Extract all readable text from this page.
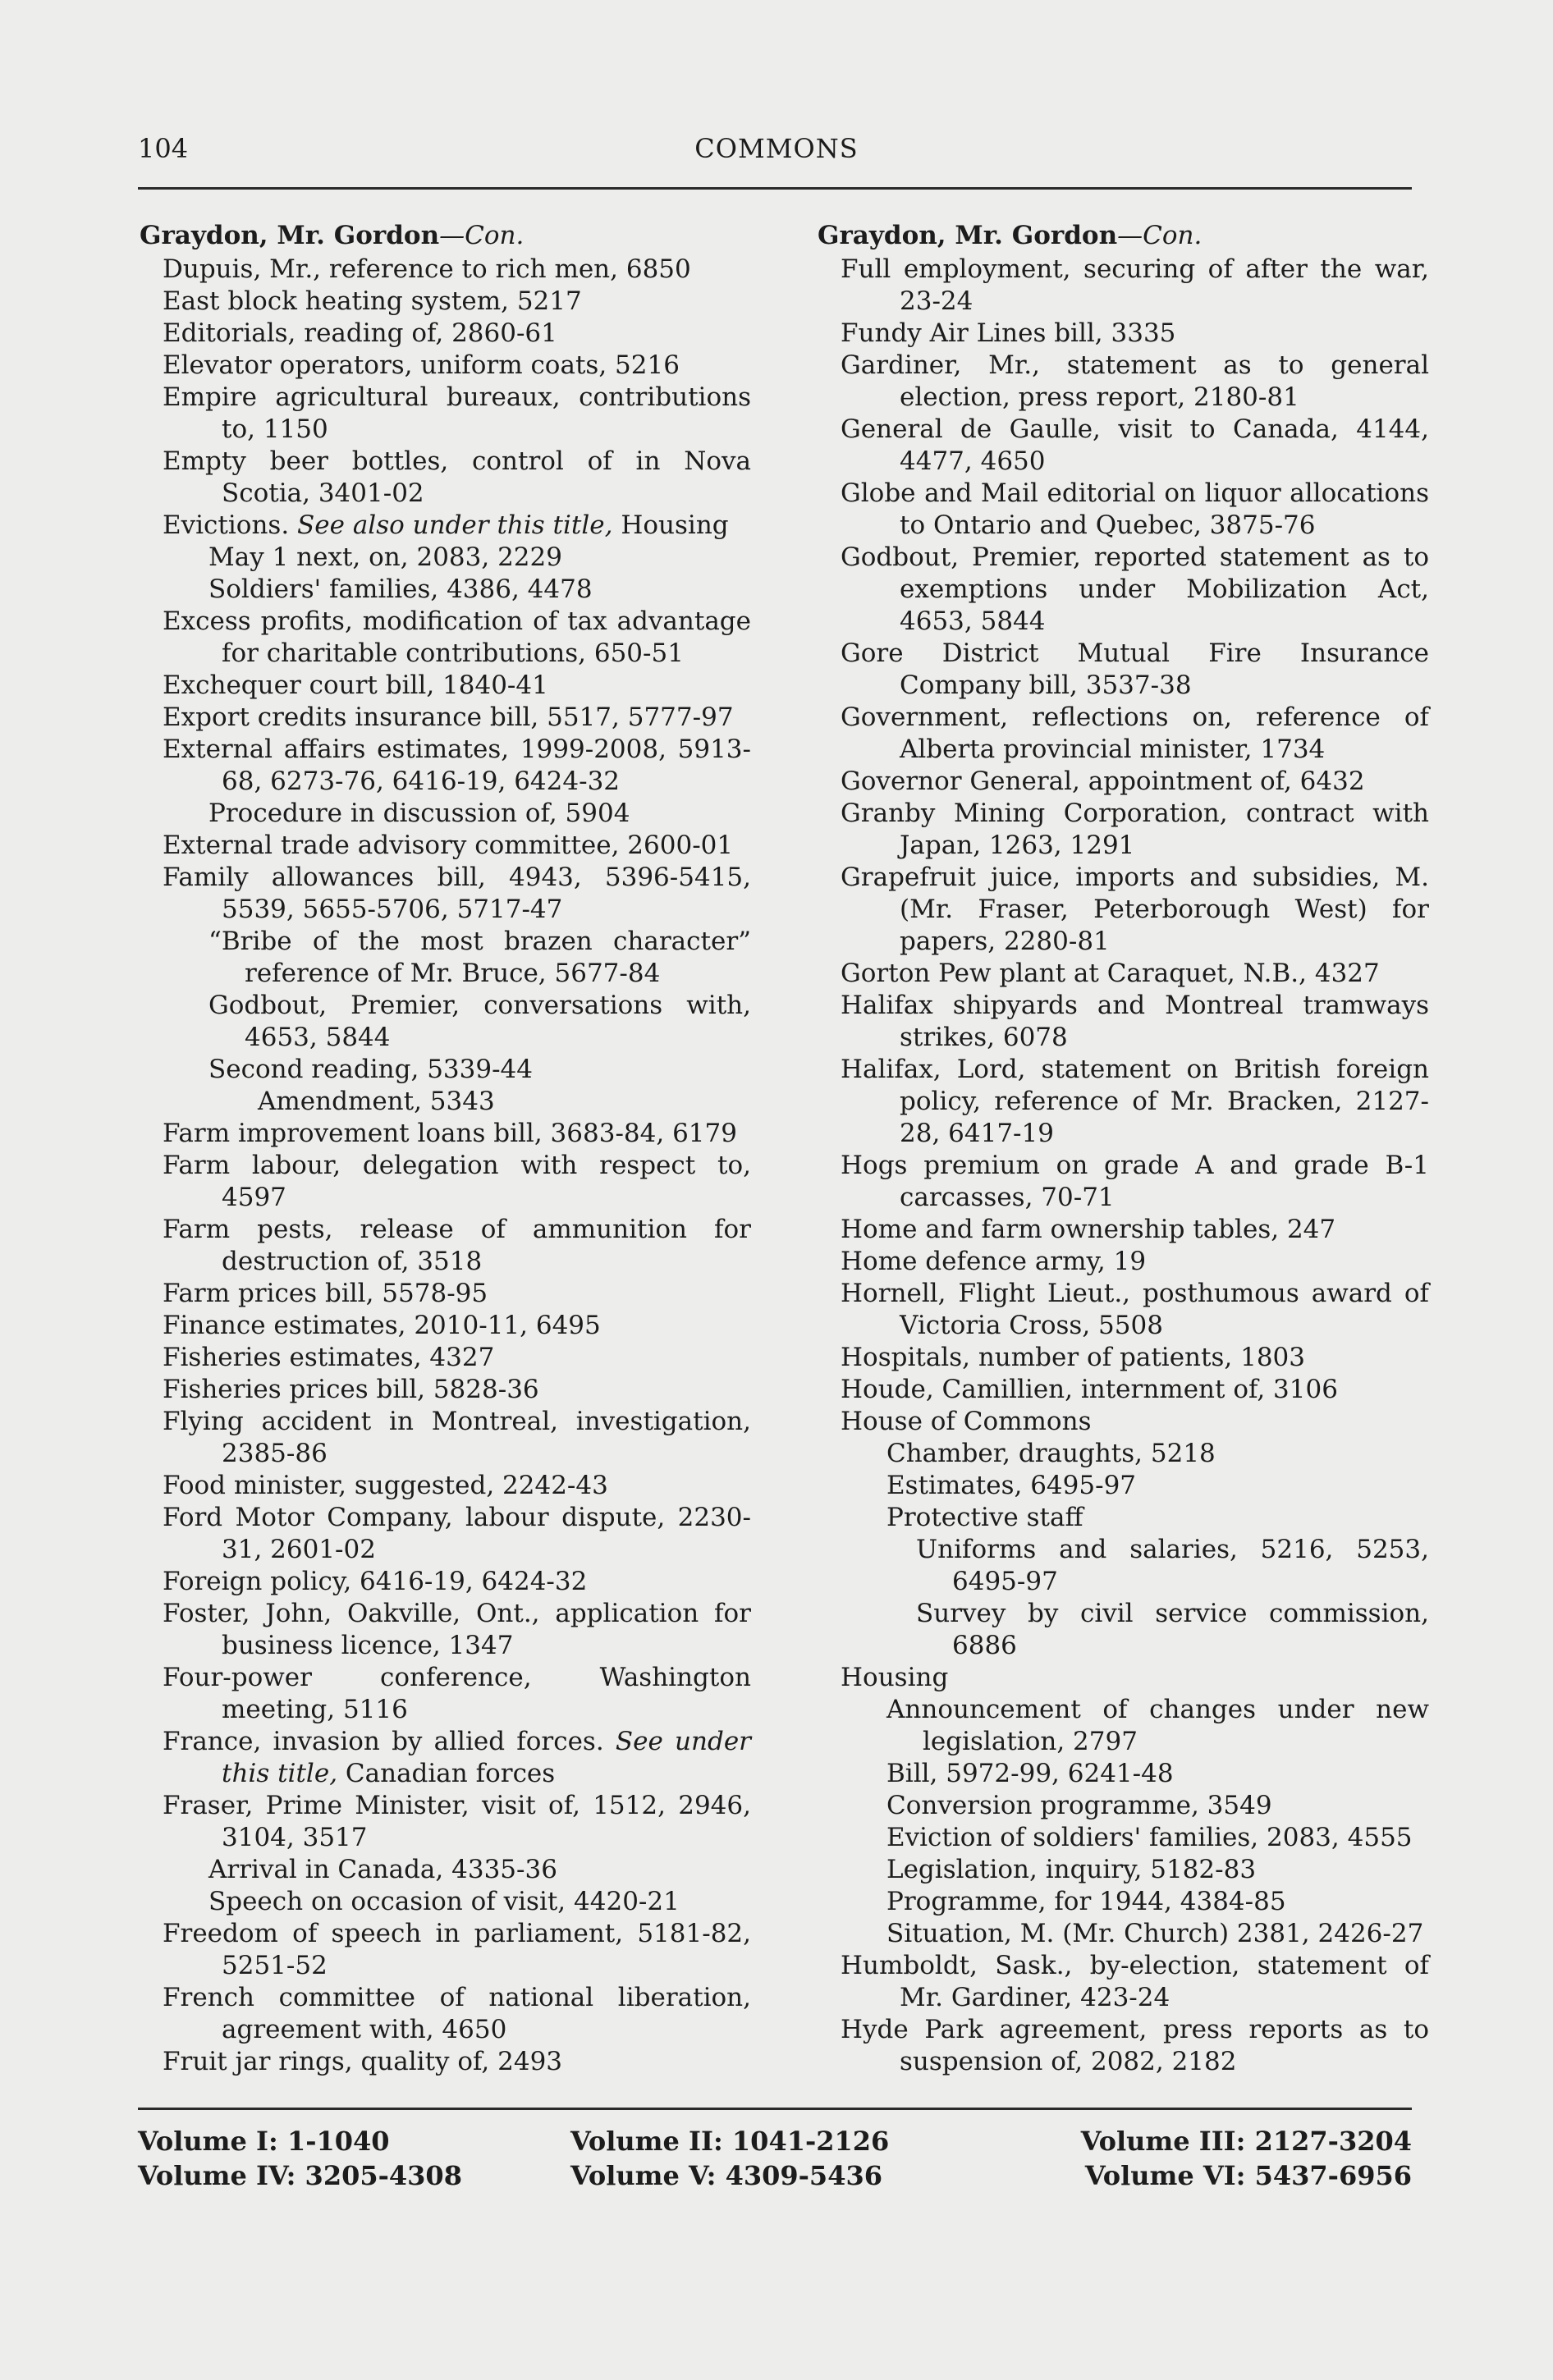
104	COMMONS
Graydon, Mr. Gordon—Con.
Dupuis, Mr., reference to rich men, 6850
East block heating system, 5217
Editorials, reading of, 2860-61
Elevator operators, uniform coats, 5216
Empire agricultural bureaux, contributions to, 1150
Empty beer bottles, control of in Nova Scotia, 3401-02
Evictions. See also under this title, Housing
May 1 next, on, 2083, 2229
Soldiers' families, 4386, 4478
Excess profits, modification of tax advantage for charitable contributions, 650-51
Exchequer court bill, 1840-41
Export credits insurance bill, 5517, 5777-97
External affairs estimates, 1999-2008, 5913-68, 6273-76, 6416-19, 6424-32
Procedure in discussion of, 5904
External trade advisory committee, 2600-01
Family allowances bill, 4943, 5396-5415, 5539, 5655-5706, 5717-47
“Bribe of the most brazen character” reference of Mr. Bruce, 5677-84
Godbout, Premier, conversations with, 4653, 5844
Second reading, 5339-44
Amendment, 5343
Farm improvement loans bill, 3683-84, 6179
Farm labour, delegation with respect to, 4597
Farm pests, release of ammunition for destruction of, 3518
Farm prices bill, 5578-95
Finance estimates, 2010-11, 6495
Fisheries estimates, 4327
Fisheries prices bill, 5828-36
Flying accident in Montreal, investigation, 2385-86
Food minister, suggested, 2242-43
Ford Motor Company, labour dispute, 2230-31, 2601-02
Foreign policy, 6416-19, 6424-32
Foster, John, Oakville, Ont., application for business licence, 1347
Four-power conference, Washington meeting, 5116
France, invasion by allied forces. See under this title, Canadian forces
Fraser, Prime Minister, visit of, 1512, 2946, 3104, 3517
Arrival in Canada, 4335-36
Speech on occasion of visit, 4420-21
Freedom of speech in parliament, 5181-82, 5251-52
French committee of national liberation, agreement with, 4650
Fruit jar rings, quality of, 2493
Graydon, Mr. Gordon—Con.
Full employment, securing of after the war, 23-24
Fundy Air Lines bill, 3335
Gardiner, Mr., statement as to general election, press report, 2180-81
General de Gaulle, visit to Canada, 4144, 4477, 4650
Globe and Mail editorial on liquor allocations to Ontario and Quebec, 3875-76
Godbout, Premier, reported statement as to exemptions under Mobilization Act, 4653, 5844
Gore District Mutual Fire Insurance Company bill, 3537-38
Government, reflections on, reference of Alberta provincial minister, 1734
Governor General, appointment of, 6432
Granby Mining Corporation, contract with Japan, 1263, 1291
Grapefruit juice, imports and subsidies, M. (Mr. Fraser, Peterborough West) for papers, 2280-81
Gorton Pew plant at Caraquet, N.B., 4327
Halifax shipyards and Montreal tramways strikes, 6078
Halifax, Lord, statement on British foreign policy, reference of Mr. Bracken, 2127-28, 6417-19
Hogs premium on grade A and grade B-1 carcasses, 70-71
Home and farm ownership tables, 247
Home defence army, 19
Hornell, Flight Lieut., posthumous award of Victoria Cross, 5508
Hospitals, number of patients, 1803
Houde, Camillien, internment of, 3106
House of Commons
Chamber, draughts, 5218
Estimates, 6495-97
Protective staff
Uniforms and salaries, 5216, 5253, 6495-97
Survey by civil service commission, 6886
Housing
Announcement of changes under new legislation, 2797
Bill, 5972-99, 6241-48
Conversion programme, 3549
Eviction of soldiers' families, 2083, 4555
Legislation, inquiry, 5182-83
Programme, for 1944, 4384-85
Situation, M. (Mr. Church) 2381, 2426-27
Humboldt, Sask., by-election, statement of Mr. Gardiner, 423-24
Hyde Park agreement, press reports as to suspension of, 2082, 2182
Volume I: 1-1040
Volume IV: 3205-4308
Volume II: 1041-2126
Volume V: 4309-5436
Volume III: 2127-3204
Volume VI: 5437-6956
